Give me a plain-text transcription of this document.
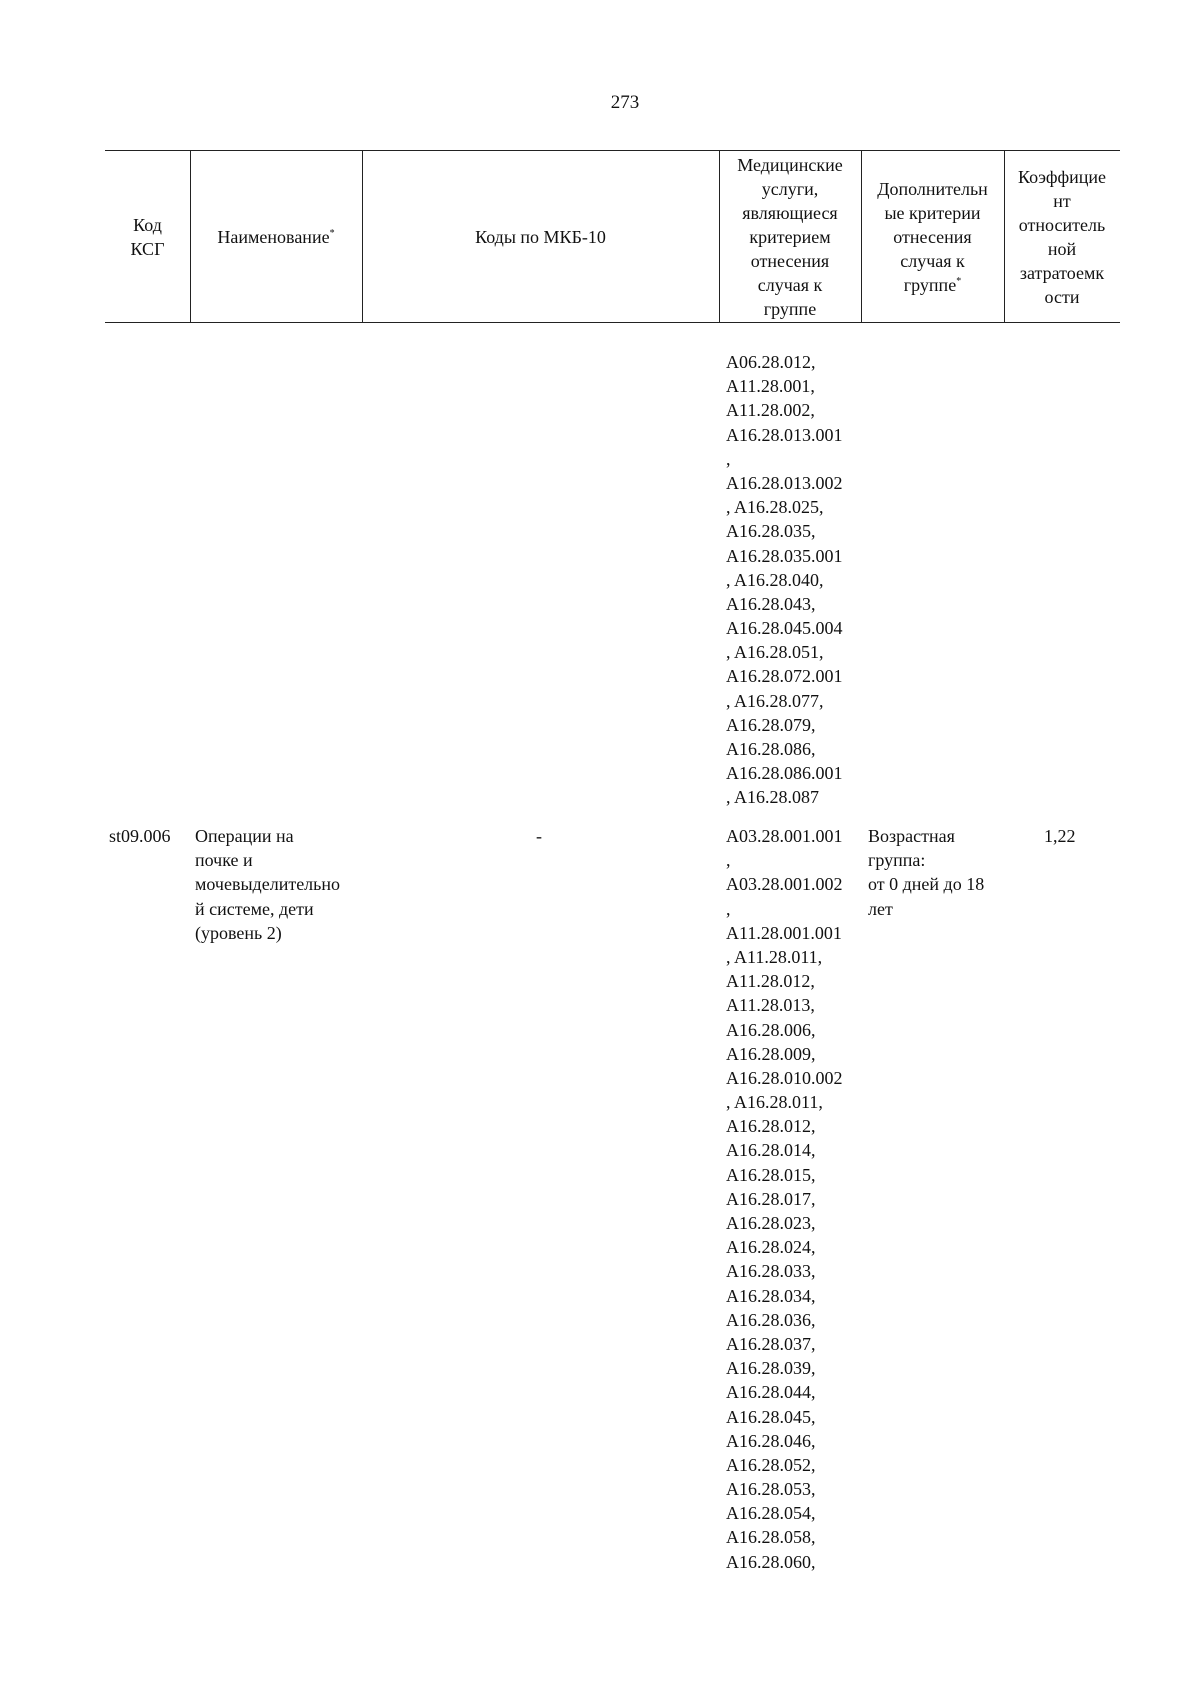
273
Код
КСГ
Наименование*	Коды по МКБ-10
Медицинские
услуги,
являющиеся
критерием
отнесения
случая к
группе
Дополнительн
ые критерии
отнесения
случая к
группе*
Коэффицие
нт
относитель
ной
затратоемк
ости
A06.28.012,
A11.28.001,
A11.28.002,
A16.28.013.001
,
A16.28.013.002
, A16.28.025,
A16.28.035,
A16.28.035.001
, A16.28.040,
A16.28.043,
A16.28.045.004
, A16.28.051,
A16.28.072.001
, A16.28.077,
A16.28.079,
A16.28.086,
A16.28.086.001
, A16.28.087
st09.006 Операции на
почке и
мочевыделительно
й системе, дети
(уровень 2)
-	A03.28.001.001
,
A03.28.001.002
,
A11.28.001.001
, A11.28.011,
A11.28.012,
A11.28.013,
A16.28.006,
A16.28.009,
A16.28.010.002
, A16.28.011,
A16.28.012,
A16.28.014,
A16.28.015,
A16.28.017,
A16.28.023,
A16.28.024,
A16.28.033,
A16.28.034,
A16.28.036,
A16.28.037,
A16.28.039,
A16.28.044,
A16.28.045,
A16.28.046,
A16.28.052,
A16.28.053,
A16.28.054,
A16.28.058,
A16.28.060,
Возрастная
группа:
от 0 дней до 18
лет
1,22
